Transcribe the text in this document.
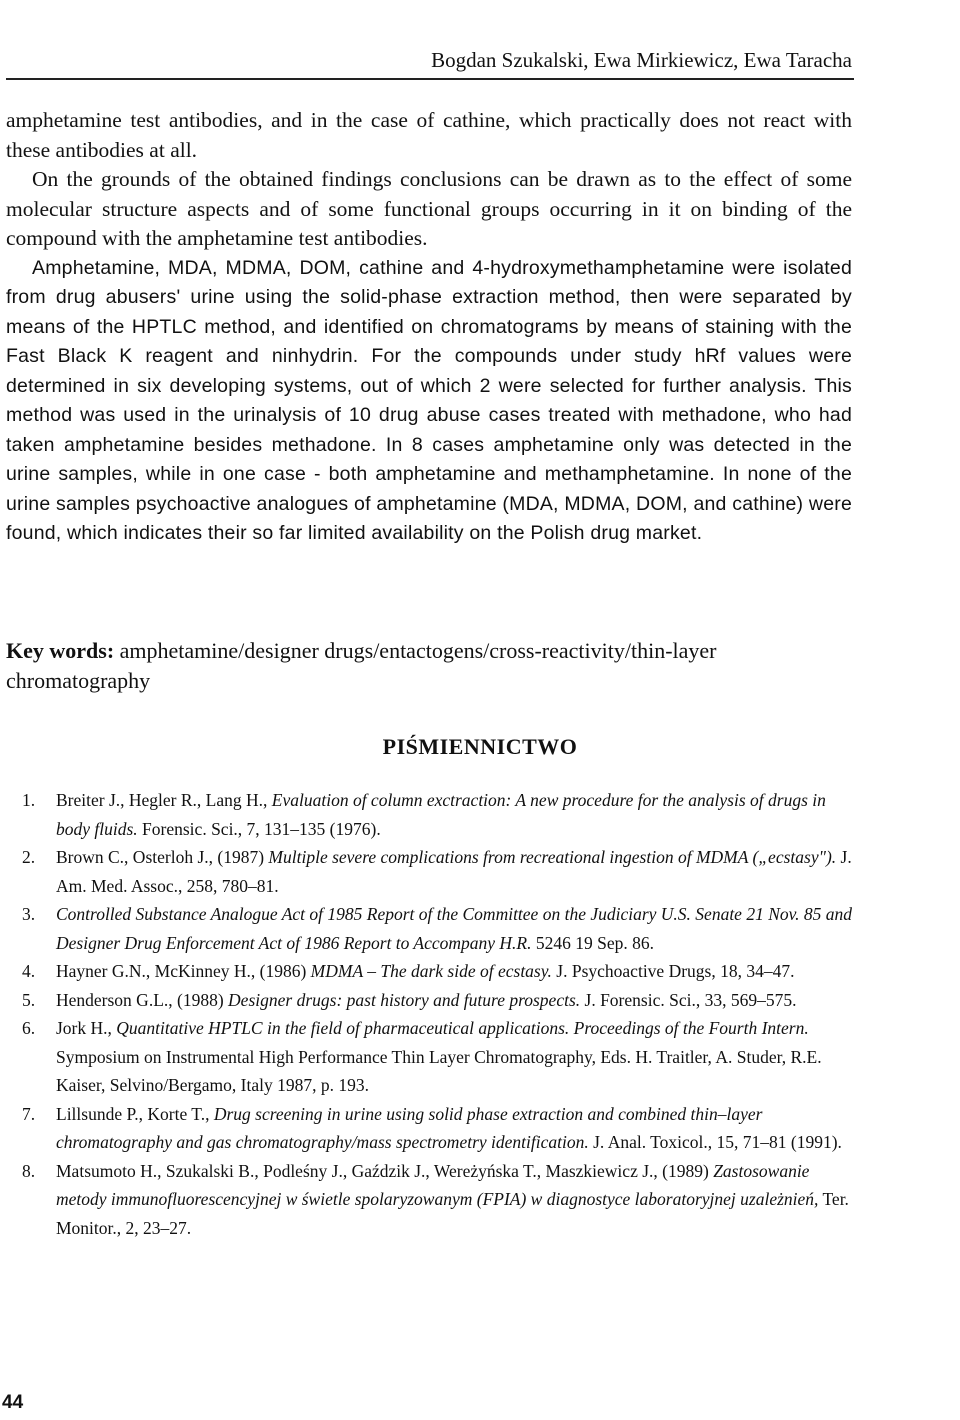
Bogdan Szukalski, Ewa Mirkiewicz, Ewa Taracha

amphetamine test antibodies, and in the case of cathine, which practically does not react with these antibodies at all.

On the grounds of the obtained findings conclusions can be drawn as to the effect of some molecular structure aspects and of some functional groups occurring in it on binding of the compound with the amphetamine test antibodies.

Amphetamine, MDA, MDMA, DOM, cathine and 4-hydroxymethamphetamine were isolated from drug abusers' urine using the solid-phase extraction method, then were separated by means of the HPTLC method, and identified on chromatograms by means of staining with the Fast Black K reagent and ninhydrin. For the compounds under study hRf values were determined in six developing systems, out of which 2 were selected for further analysis. This method was used in the urinalysis of 10 drug abuse cases treated with methadone, who had taken amphetamine besides methadone. In 8 cases amphetamine only was detected in the urine samples, while in one case - both amphetamine and methamphetamine. In none of the urine samples psychoactive analogues of amphetamine (MDA, MDMA, DOM, and cathine) were found, which indicates their so far limited availability on the Polish drug market.

Key words: amphetamine/designer drugs/entactogens/cross-reactivity/thin-layer chromatography
PIŚMIENNICTWO
1. Breiter J., Hegler R., Lang H., Evaluation of column exctraction: A new procedure for the analysis of drugs in body fluids. Forensic. Sci., 7, 131–135 (1976).
2. Brown C., Osterloh J., (1987) Multiple severe complications from recreational ingestion of MDMA („ecstasy"). J. Am. Med. Assoc., 258, 780–81.
3. Controlled Substance Analogue Act of 1985 Report of the Committee on the Judiciary U.S. Senate 21 Nov. 85 and Designer Drug Enforcement Act of 1986 Report to Accompany H.R. 5246 19 Sep. 86.
4. Hayner G.N., McKinney H., (1986) MDMA – The dark side of ecstasy. J. Psychoactive Drugs, 18, 34–47.
5. Henderson G.L., (1988) Designer drugs: past history and future prospects. J. Forensic. Sci., 33, 569–575.
6. Jork H., Quantitative HPTLC in the field of pharmaceutical applications. Proceedings of the Fourth Intern. Symposium on Instrumental High Performance Thin Layer Chromatography, Eds. H. Traitler, A. Studer, R.E. Kaiser, Selvino/Bergamo, Italy 1987, p. 193.
7. Lillsunde P., Korte T., Drug screening in urine using solid phase extraction and combined thin–layer chromatography and gas chromatography/mass spectrometry identification. J. Anal. Toxicol., 15, 71–81 (1991).
8. Matsumoto H., Szukalski B., Podleśny J., Gaździk J., Wereżyńska T., Maszkiewicz J., (1989) Zastosowanie metody immunofluorescencyjnej w świetle spolaryzowanym (FPIA) w diagnostyce laboratoryjnej uzależnień, Ter. Monitor., 2, 23–27.
44
